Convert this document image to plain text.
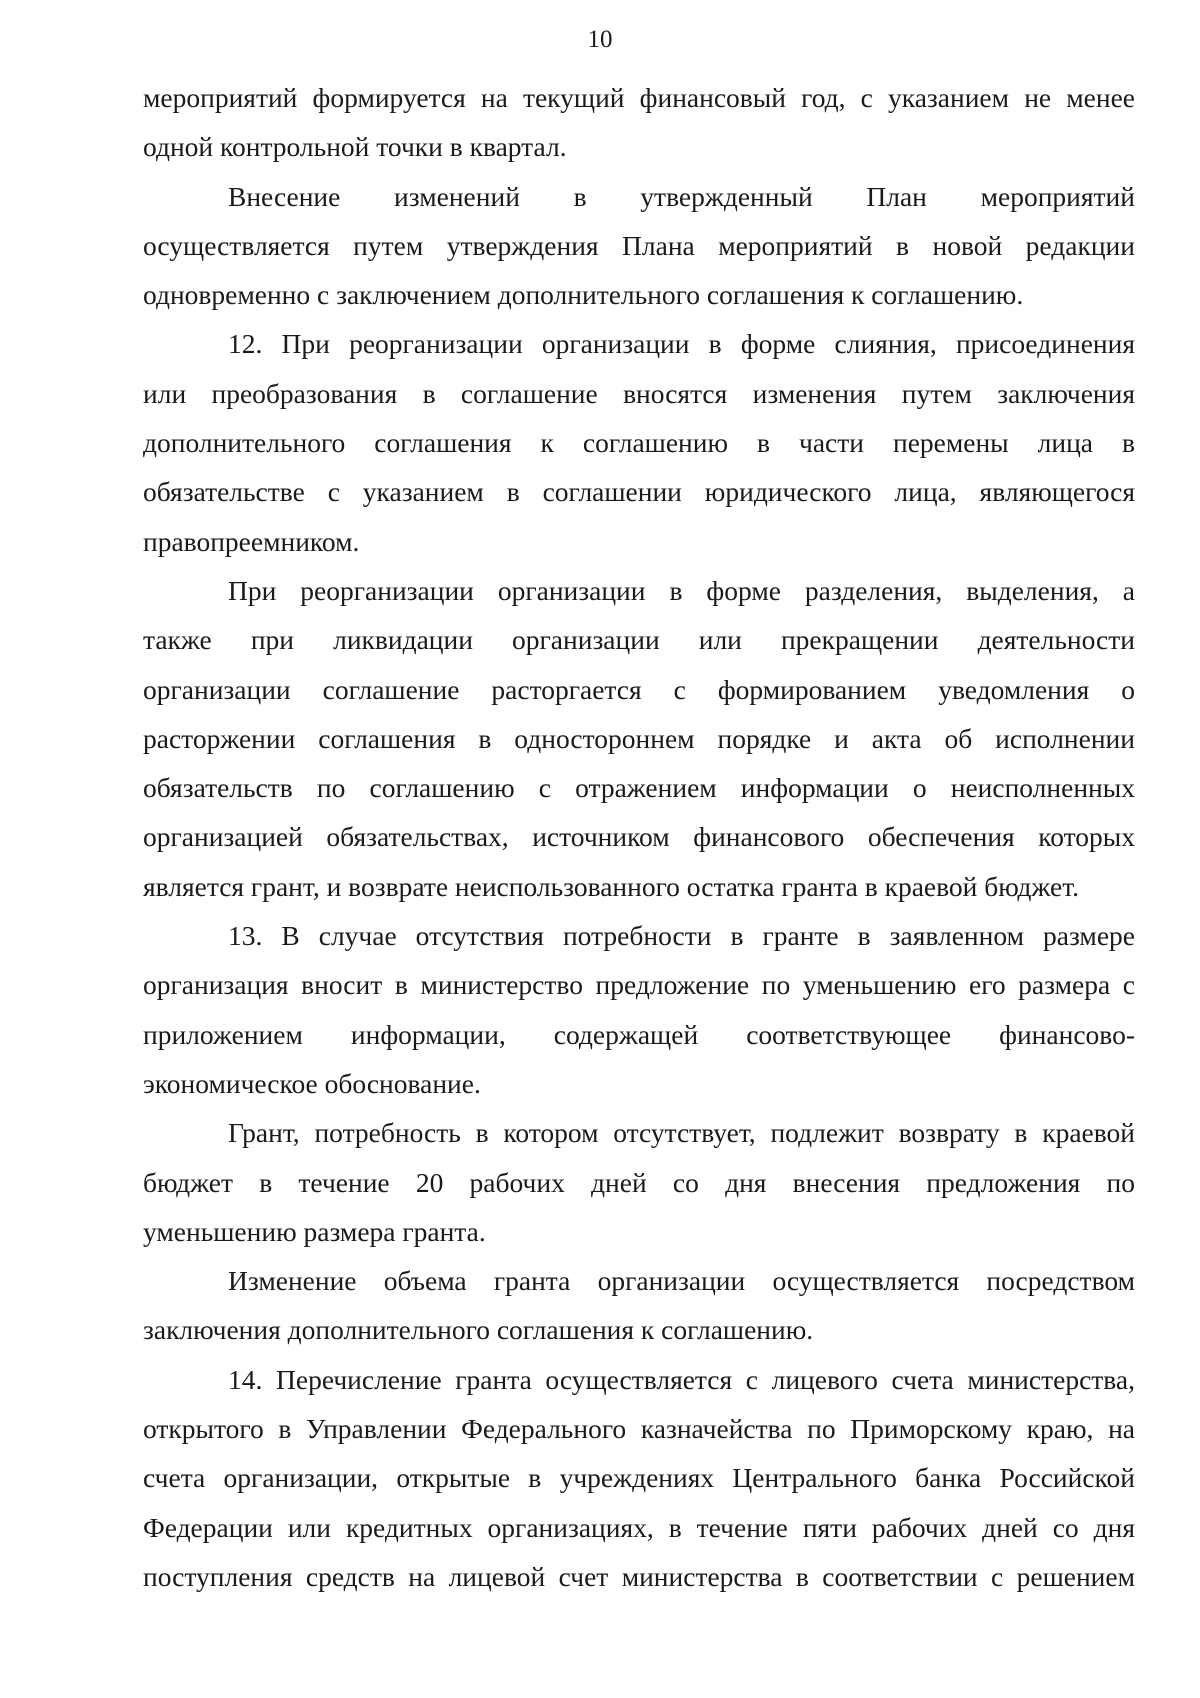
10
мероприятий формируется на текущий финансовый год, с указанием не менее
одной контрольной точки в квартал.
Внесение изменений в утвержденный План мероприятий
осуществляется путем утверждения Плана мероприятий в новой редакции
одновременно с заключением дополнительного соглашения к соглашению.
12. При реорганизации организации в форме слияния, присоединения
или преобразования в соглашение вносятся изменения путем заключения
дополнительного соглашения к соглашению в части перемены лица в
обязательстве с указанием в соглашении юридического лица, являющегося
правопреемником.
При реорганизации организации в форме разделения, выделения, а
также при ликвидации организации или прекращении деятельности
организации соглашение расторгается с формированием уведомления о
расторжении соглашения в одностороннем порядке и акта об исполнении
обязательств по соглашению с отражением информации о неисполненных
организацией обязательствах, источником финансового обеспечения которых
является грант, и возврате неиспользованного остатка гранта в краевой бюджет.
13. В случае отсутствия потребности в гранте в заявленном размере
организация вносит в министерство предложение по уменьшению его размера с
приложением информации, содержащей соответствующее финансово-
экономическое обоснование.
Грант, потребность в котором отсутствует, подлежит возврату в краевой
бюджет в течение 20 рабочих дней со дня внесения предложения по
уменьшению размера гранта.
Изменение объема гранта организации осуществляется посредством
заключения дополнительного соглашения к соглашению.
14. Перечисление гранта осуществляется с лицевого счета министерства,
открытого в Управлении Федерального казначейства по Приморскому краю, на
счета организации, открытые в учреждениях Центрального банка Российской
Федерации или кредитных организациях, в течение пяти рабочих дней со дня
поступления средств на лицевой счет министерства в соответствии с решением
